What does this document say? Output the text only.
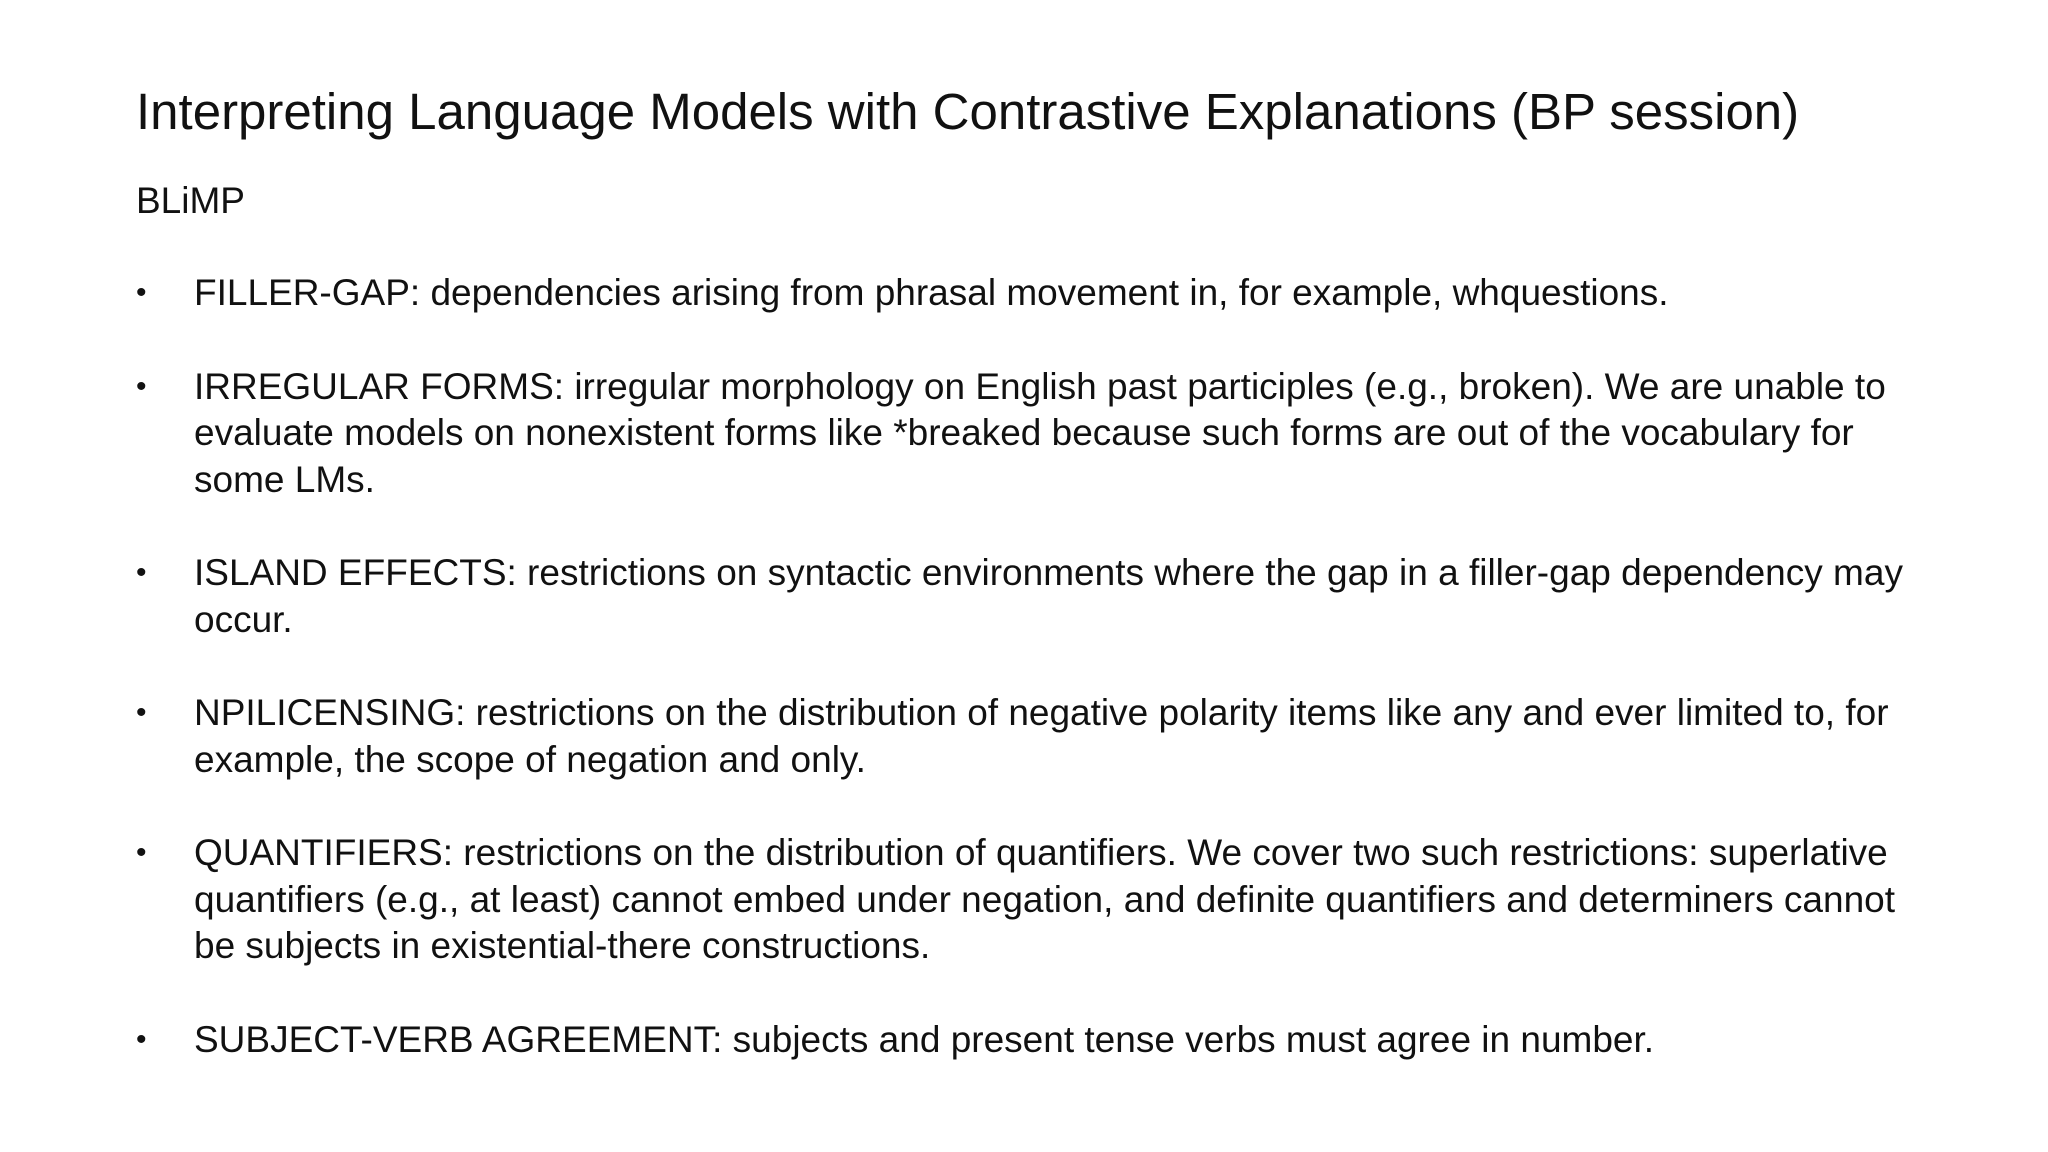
Interpreting Language Models with Contrastive Explanations (BP session)

BLiMP

• FILLER-GAP: dependencies arising from phrasal movement in, for example, whquestions.
• IRREGULAR FORMS: irregular morphology on English past participles (e.g., broken). We are unable to evaluate models on nonexistent forms like *breaked because such forms are out of the vocabulary for some LMs.
• ISLAND EFFECTS: restrictions on syntactic environments where the gap in a filler-gap dependency may occur.
• NPILICENSING: restrictions on the distribution of negative polarity items like any and ever limited to, for example, the scope of negation and only.
• QUANTIFIERS: restrictions on the distribution of quantifiers. We cover two such restrictions: superlative quantifiers (e.g., at least) cannot embed under negation, and definite quantifiers and determiners cannot be subjects in existential-there constructions.
• SUBJECT-VERB AGREEMENT: subjects and present tense verbs must agree in number.
